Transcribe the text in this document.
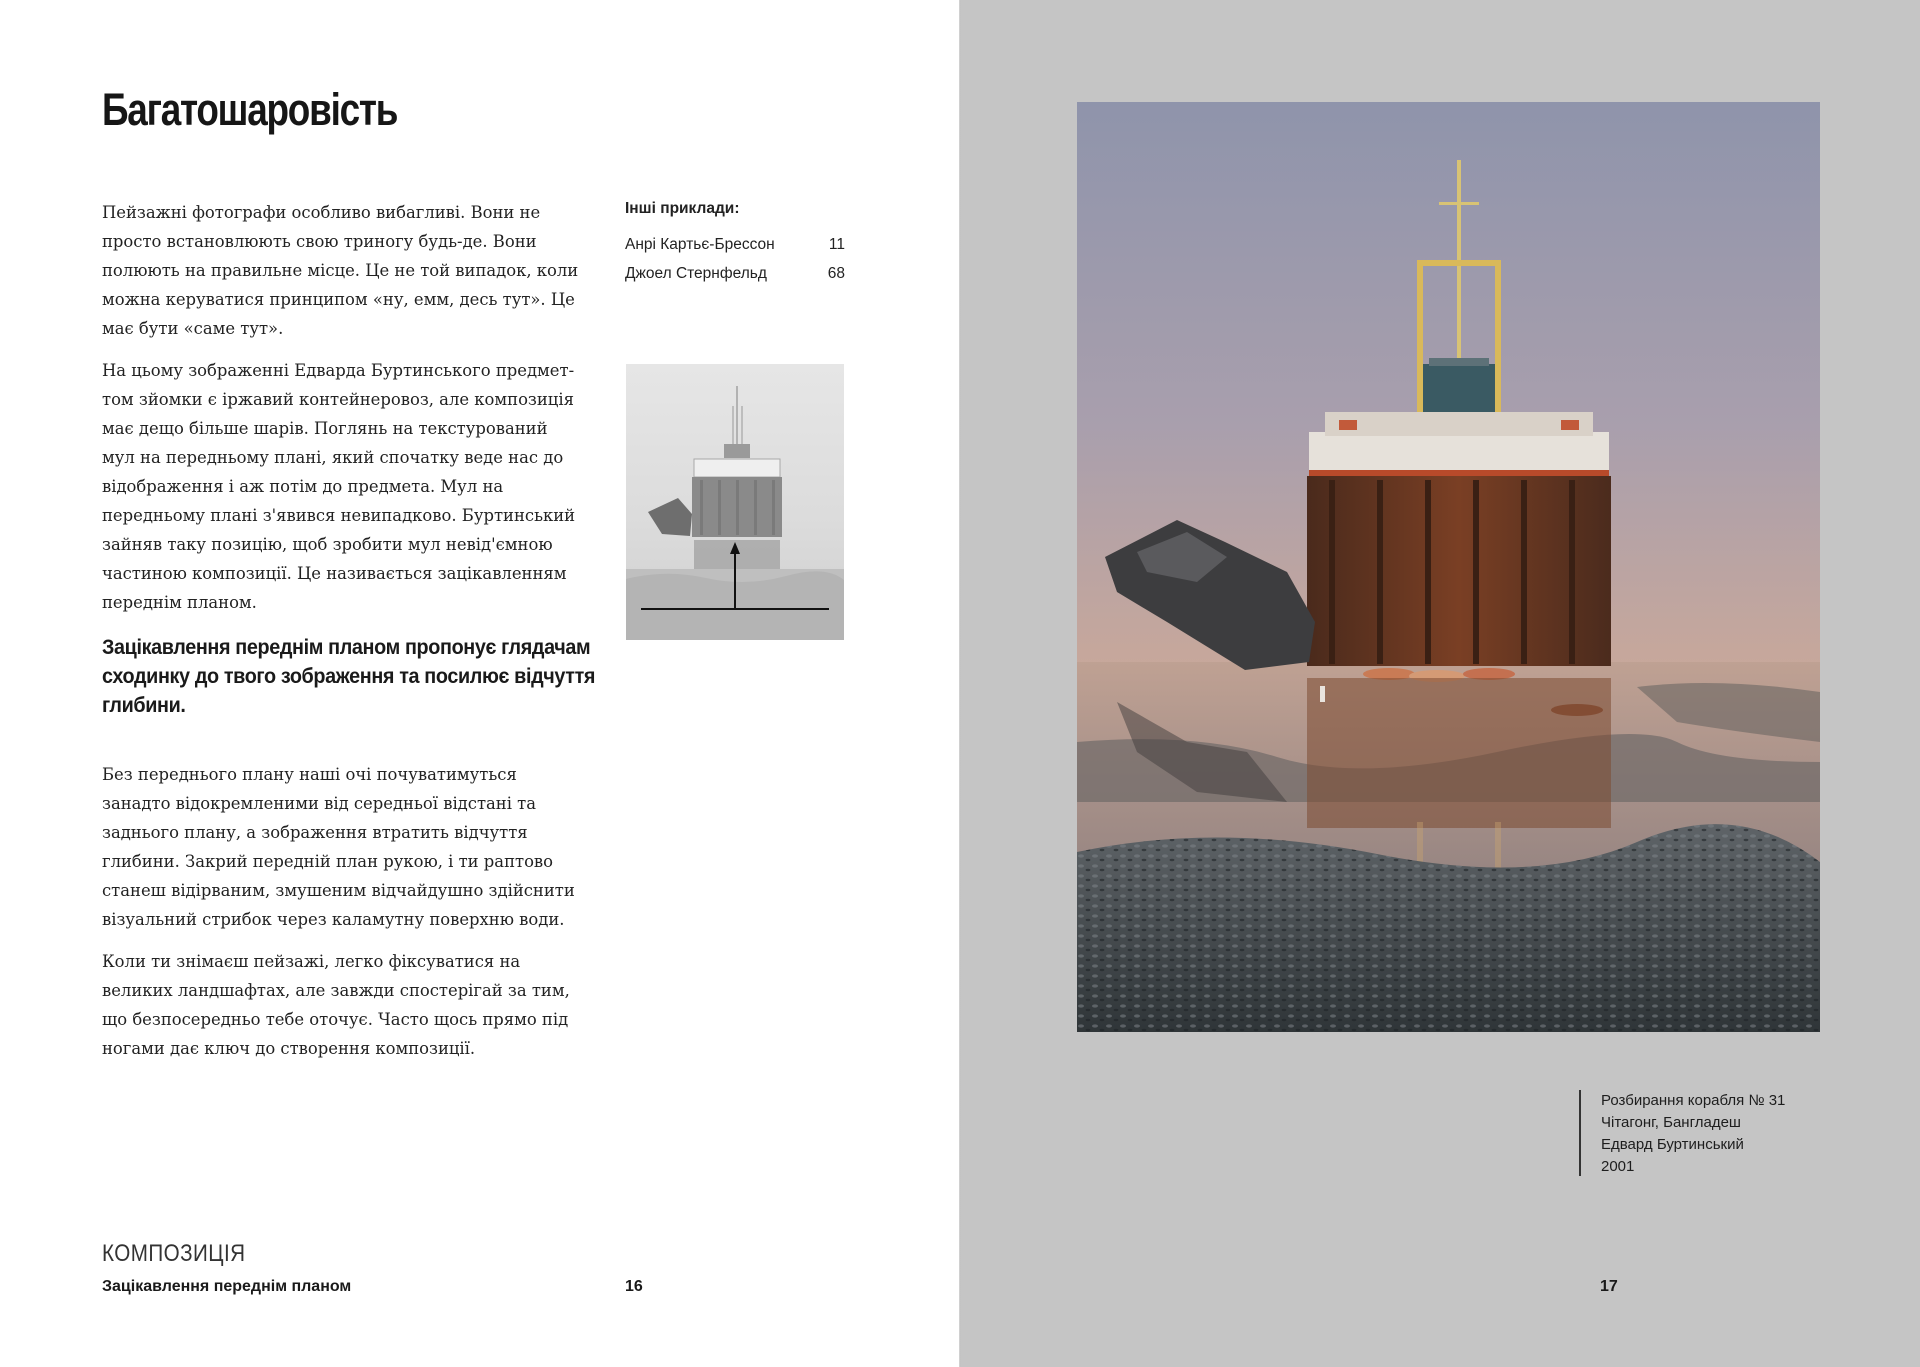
Багатошаровість

Пейзажні фотографи особливо вибагливі. Вони не просто встановлюють свою триногу будь-де. Вони полюють на правильне місце. Це не той випадок, коли можна керуватися принципом «ну, емм, десь тут». Це має бути «саме тут».

На цьому зображенні Едварда Буртинського предметтом зйомки є іржавий контейнеровоз, але композиція має дещо більше шарів. Поглянь на текстурований мул на передньому плані, який спочатку веде нас до відображення і аж потім до предмета. Мул на передньому плані з'явився невипадково. Буртинський зайняв таку позицію, щоб зробити мул невід'ємною частиною композиції. Це називається зацікавленням переднім планом.

Зацікавлення переднім планом пропонує глядачам сходинку до твого зображення та посилює відчуття глибини.

Без переднього плану наші очі почуватимуться занадто відокремленими від середньої відстані та заднього плану, а зображення втратить відчуття глибини. Закрий передній план рукою, і ти раптово станеш відірваним, змушеним відчайдушно здійснити візуальний стрибок через каламутну поверхню води.

Коли ти знімаєш пейзажі, легко фіксуватися на великих ландшафтах, але завжди спостерігай за тим, що безпосередньо тебе оточує. Часто щось прямо під ногами дає ключ до створення композиції.

Інші приклади:
Анрі Картьє-Брессон	11
Джоел Стернфельд	68
КОМПОЗИЦІЯ
Зацікавлення переднім планом	16
Розбирання корабля № 31
Чітагонг, Бангладеш
Едвард Буртинський
2001
17
